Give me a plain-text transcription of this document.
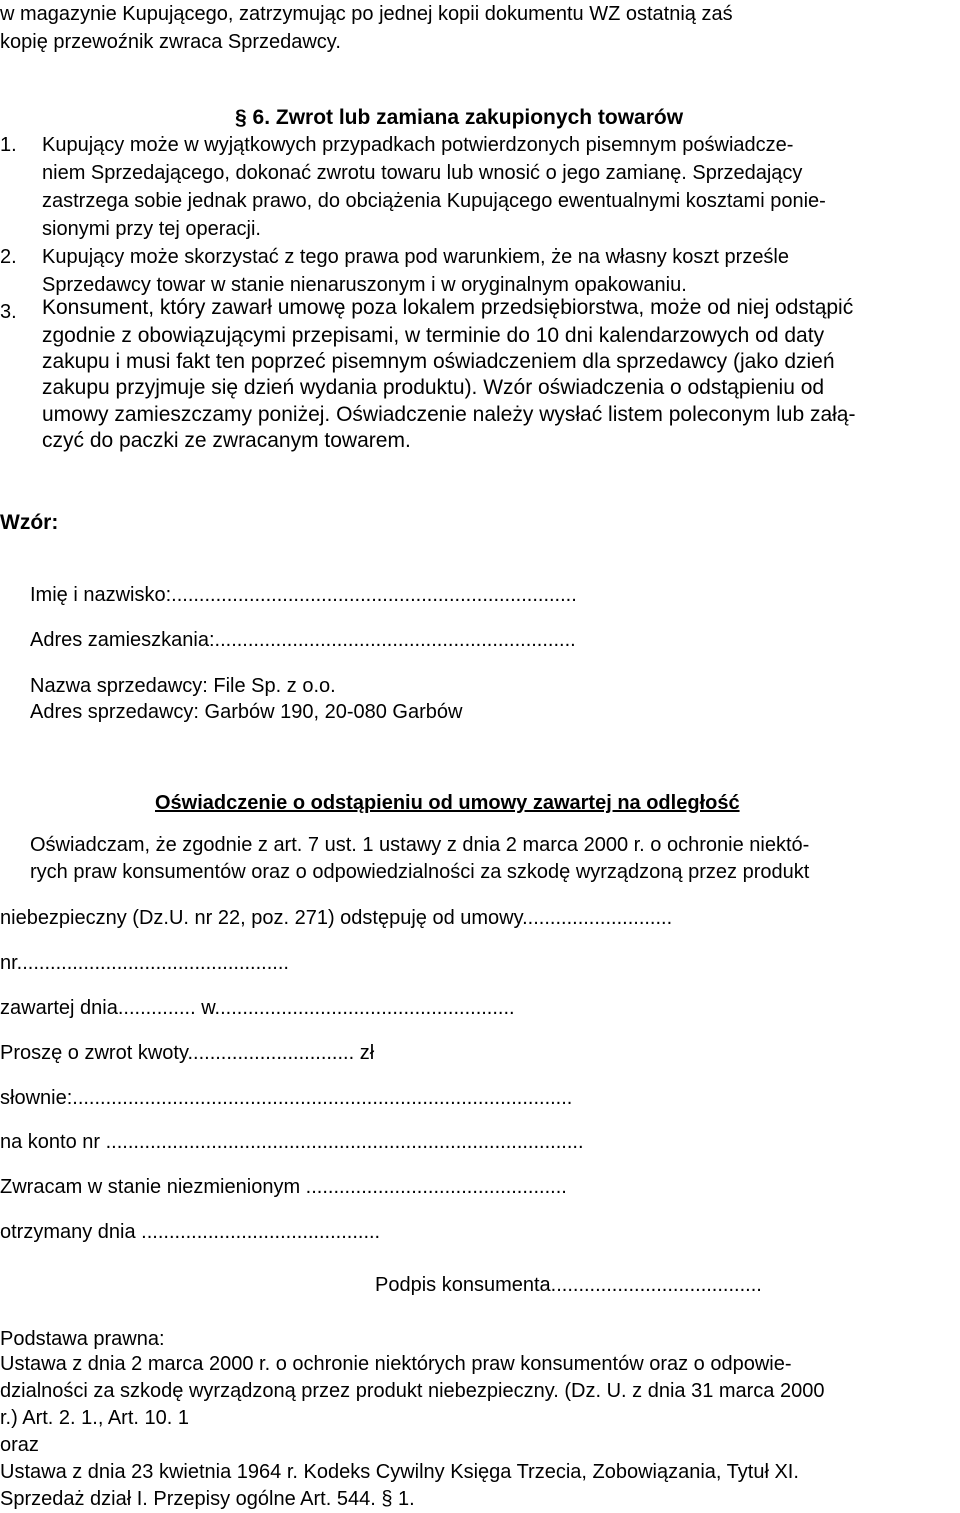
w magazynie Kupującego, zatrzymując po jednej kopii dokumentu WZ ostatnią zaś
kopię przewoźnik zwraca Sprzedawcy.
§ 6. Zwrot lub zamiana zakupionych towarów
1. Kupujący może w wyjątkowych przypadkach potwierdzonych pisemnym poświadcze-
niem Sprzedającego, dokonać zwrotu towaru lub wnosić o jego zamianę. Sprzedający
zastrzega sobie jednak prawo, do obciążenia Kupującego ewentualnymi kosztami ponie-
sionymi przy tej operacji.
2. Kupujący może skorzystać z tego prawa pod warunkiem, że na własny koszt prześle
Sprzedawcy towar w stanie nienaruszonym i w oryginalnym opakowaniu.
3. Konsument, który zawarł umowę poza lokalem przedsiębiorstwa, może od niej odstąpić
zgodnie z obowiązującymi przepisami, w terminie do 10 dni kalendarzowych od daty
zakupu i musi fakt ten poprzeć pisemnym oświadczeniem dla sprzedawcy (jako dzień
zakupu przyjmuje się dzień wydania produktu). Wzór oświadczenia o odstąpieniu od
umowy zamieszczamy poniżej. Oświadczenie należy wysłać listem poleconym lub załą-
czyć do paczki ze zwracanym towarem.
Wzór:
Imię i nazwisko:.........................................................................
Adres zamieszkania:.................................................................
Nazwa sprzedawcy: File Sp. z o.o.
Adres sprzedawcy: Garbów 190, 20-080 Garbów
Oświadczenie o odstąpieniu od umowy zawartej na odległość
Oświadczam, że zgodnie z art. 7 ust. 1 ustawy z dnia 2 marca 2000 r. o ochronie niektó-
rych praw konsumentów oraz o odpowiedzialności za szkodę wyrządzoną przez produkt
niebezpieczny (Dz.U. nr 22, poz. 271) odstępuję od umowy...........................
nr.................................................
zawartej dnia.............. w......................................................
Proszę o zwrot kwoty.............................. zł
słownie:..........................................................................................
na konto nr ......................................................................................
Zwracam w stanie niezmienionym ...............................................
otrzymany dnia ...........................................
Podpis konsumenta......................................
Podstawa prawna:
Ustawa z dnia 2 marca 2000 r. o ochronie niektórych praw konsumentów oraz o odpowie-
dzialności za szkodę wyrządzoną przez produkt niebezpieczny. (Dz. U. z dnia 31 marca 2000
r.) Art. 2. 1., Art. 10. 1
oraz
Ustawa z dnia 23 kwietnia 1964 r. Kodeks Cywilny Księga Trzecia, Zobowiązania, Tytuł XI.
Sprzedaż dział I. Przepisy ogólne Art. 544. § 1.
